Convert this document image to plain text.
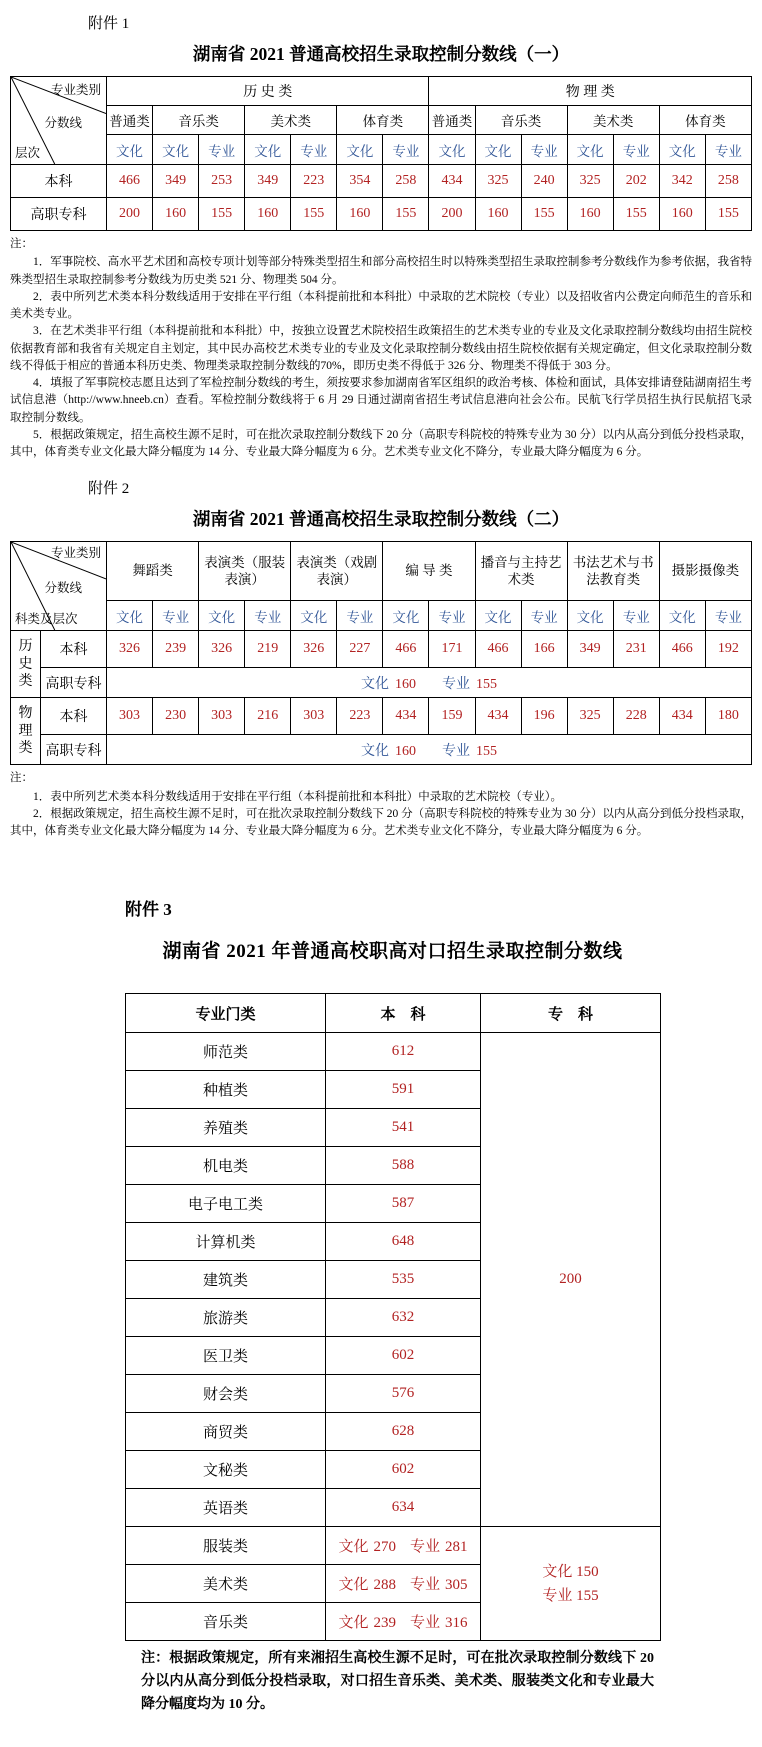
附件 1
湖南省 2021 普通高校招生录取控制分数线（一）
专业类别
分数线
层次	历 史 类							物 理 类						
	普通类	音乐类		美术类		体育类		普通类	音乐类		美术类		体育类	
	文化	文化	专业	文化	专业	文化	专业	文化	文化	专业	文化	专业	文化	专业
本科	466	349	253	349	223	354	258	434	325	240	325	202	342	258
高职专科	200	160	155	160	155	160	155	200	160	155	160	155	160	155
注：
1．军事院校、高水平艺术团和高校专项计划等部分特殊类型招生和部分高校招生时以特殊类型招生录取控制参考分数线作为参考依据，我省特殊类型招生录取控制参考分数线为历史类 521 分、物理类 504 分。
2．表中所列艺术类本科分数线适用于安排在平行组（本科提前批和本科批）中录取的艺术院校（专业）以及招收省内公费定向师范生的音乐和美术类专业。
3．在艺术类非平行组（本科提前批和本科批）中，按独立设置艺术院校招生政策招生的艺术类专业的专业及文化录取控制分数线均由招生院校依据教育部和我省有关规定自主划定，其中民办高校艺术类专业的专业及文化录取控制分数线由招生院校依据有关规定确定，但文化录取控制分数线不得低于相应的普通本科历史类、物理类录取控制分数线的70%，即历史类不得低于 326 分、物理类不得低于 303 分。
4．填报了军事院校志愿且达到了军检控制分数线的考生，须按要求参加湖南省军区组织的政治考核、体检和面试，具体安排请登陆湖南招生考试信息港（http://www.hneeb.cn）查看。军检控制分数线将于 6 月 29 日通过湖南省招生考试信息港向社会公布。民航飞行学员招生执行民航招飞录取控制分数线。
5．根据政策规定，招生高校生源不足时，可在批次录取控制分数线下 20 分（高职专科院校的特殊专业为 30 分）以内从高分到低分投档录取，其中，体育类专业文化最大降分幅度为 14 分、专业最大降分幅度为 6 分。艺术类专业文化不降分，专业最大降分幅度为 6 分。
附件 2
湖南省 2021 普通高校招生录取控制分数线（二）
专业类别
分数线
科类及层次		舞蹈类		表演类（服装表演）		表演类（戏剧表演）		编 导 类		播音与主持艺术类		书法艺术与书法教育类		摄影摄像类	
		文化	专业	文化	专业	文化	专业	文化	专业	文化	专业	文化	专业	文化	专业
历史类	本科	326	239	326	219	326	227	466	171	466	166	349	231	466	192
	高职专科	文化 160 专业 155													
物理类	本科	303	230	303	216	303	223	434	159	434	196	325	228	434	180
	高职专科	文化 160 专业 155													
注：
1．表中所列艺术类本科分数线适用于安排在平行组（本科提前批和本科批）中录取的艺术院校（专业）。
2．根据政策规定，招生高校生源不足时，可在批次录取控制分数线下 20 分（高职专科院校的特殊专业为 30 分）以内从高分到低分投档录取，其中，体育类专业文化最大降分幅度为 14 分、专业最大降分幅度为 6 分。艺术类专业文化不降分，专业最大降分幅度为 6 分。
附件 3
湖南省 2021 年普通高校职高对口招生录取控制分数线
专业门类	本　科	专　科
师范类	612	200
种植类	591	
养殖类	541	
机电类	588	
电子电工类	587	
计算机类	648	
建筑类	535	
旅游类	632	
医卫类	602	
财会类	576	
商贸类	628	
文秘类	602	
英语类	634	
服装类	文化 270 专业 281	文化 150
专业 155

美术类	文化 288 专业 305	
音乐类	文化 239 专业 316	
注：根据政策规定，所有来湘招生高校生源不足时，可在批次录取控制分数线下 20 分以内从高分到低分投档录取，对口招生音乐类、美术类、服装类文化和专业最大降分幅度均为 10 分。
